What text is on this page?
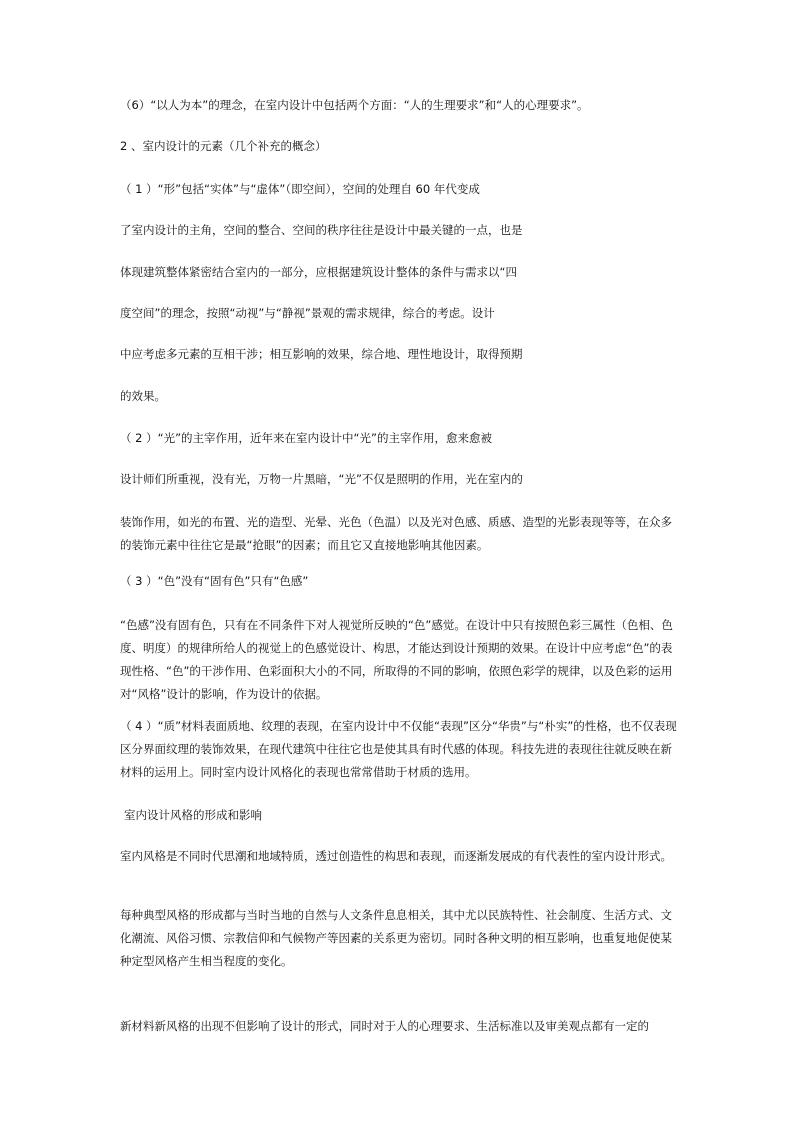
（6）“以人为本”的理念，在室内设计中包括两个方面：“人的生理要求”和“人的心理要求”。
2 、室内设计的元素（几个补充的概念）
（ 1 ）“形”包括“实体”与“虚体”（即空间），空间的处理自 60 年代变成
了室内设计的主角，空间的整合、空间的秩序往往是设计中最关键的一点，也是
体现建筑整体紧密结合室内的一部分，应根据建筑设计整体的条件与需求以“四
度空间”的理念，按照“动视”与“静视”景观的需求规律，综合的考虑。设计
中应考虑多元素的互相干涉；相互影响的效果，综合地、理性地设计，取得预期
的效果。
（ 2 ）“光”的主宰作用，近年来在室内设计中“光”的主宰作用，愈来愈被
设计师们所重视，没有光，万物一片黑暗，“光”不仅是照明的作用，光在室内的
装饰作用，如光的布置、光的造型、光晕、光色（色温）以及光对色感、质感、造型的光影表现等等，在众多的装饰元素中往往它是最“抢眼”的因素；而且它又直接地影响其他因素。
（ 3 ）“色”没有“固有色”只有“色感”
“色感”没有固有色，只有在不同条件下对人视觉所反映的“色”感觉。在设计中只有按照色彩三属性（色相、色度、明度）的规律所给人的视觉上的色感觉设计、构思，才能达到设计预期的效果。在设计中应考虑“色”的表现性格、“色”的干涉作用、色彩面积大小的不同，所取得的不同的影响，依照色彩学的规律，以及色彩的运用对“风格”设计的影响，作为设计的依据。
（ 4 ）“质”材料表面质地、纹理的表现，在室内设计中不仅能“表现”区分“华贵”与“朴实”的性格，也不仅表现区分界面纹理的装饰效果，在现代建筑中往往它也是使其具有时代感的体现。科技先进的表现往往就反映在新材料的运用上。同时室内设计风格化的表现也常常借助于材质的选用。
室内设计风格的形成和影响
室内风格是不同时代思潮和地域特质，透过创造性的构思和表现，而逐渐发展成的有代表性的室内设计形式。
每种典型风格的形成都与当时当地的自然与人文条件息息相关，其中尤以民族特性、社会制度、生活方式、文化潮流、风俗习惯、宗教信仰和气候物产等因素的关系更为密切。同时各种文明的相互影响，也重复地促使某种定型风格产生相当程度的变化。
新材料新风格的出现不但影响了设计的形式，同时对于人的心理要求、生活标准以及审美观点都有一定的
